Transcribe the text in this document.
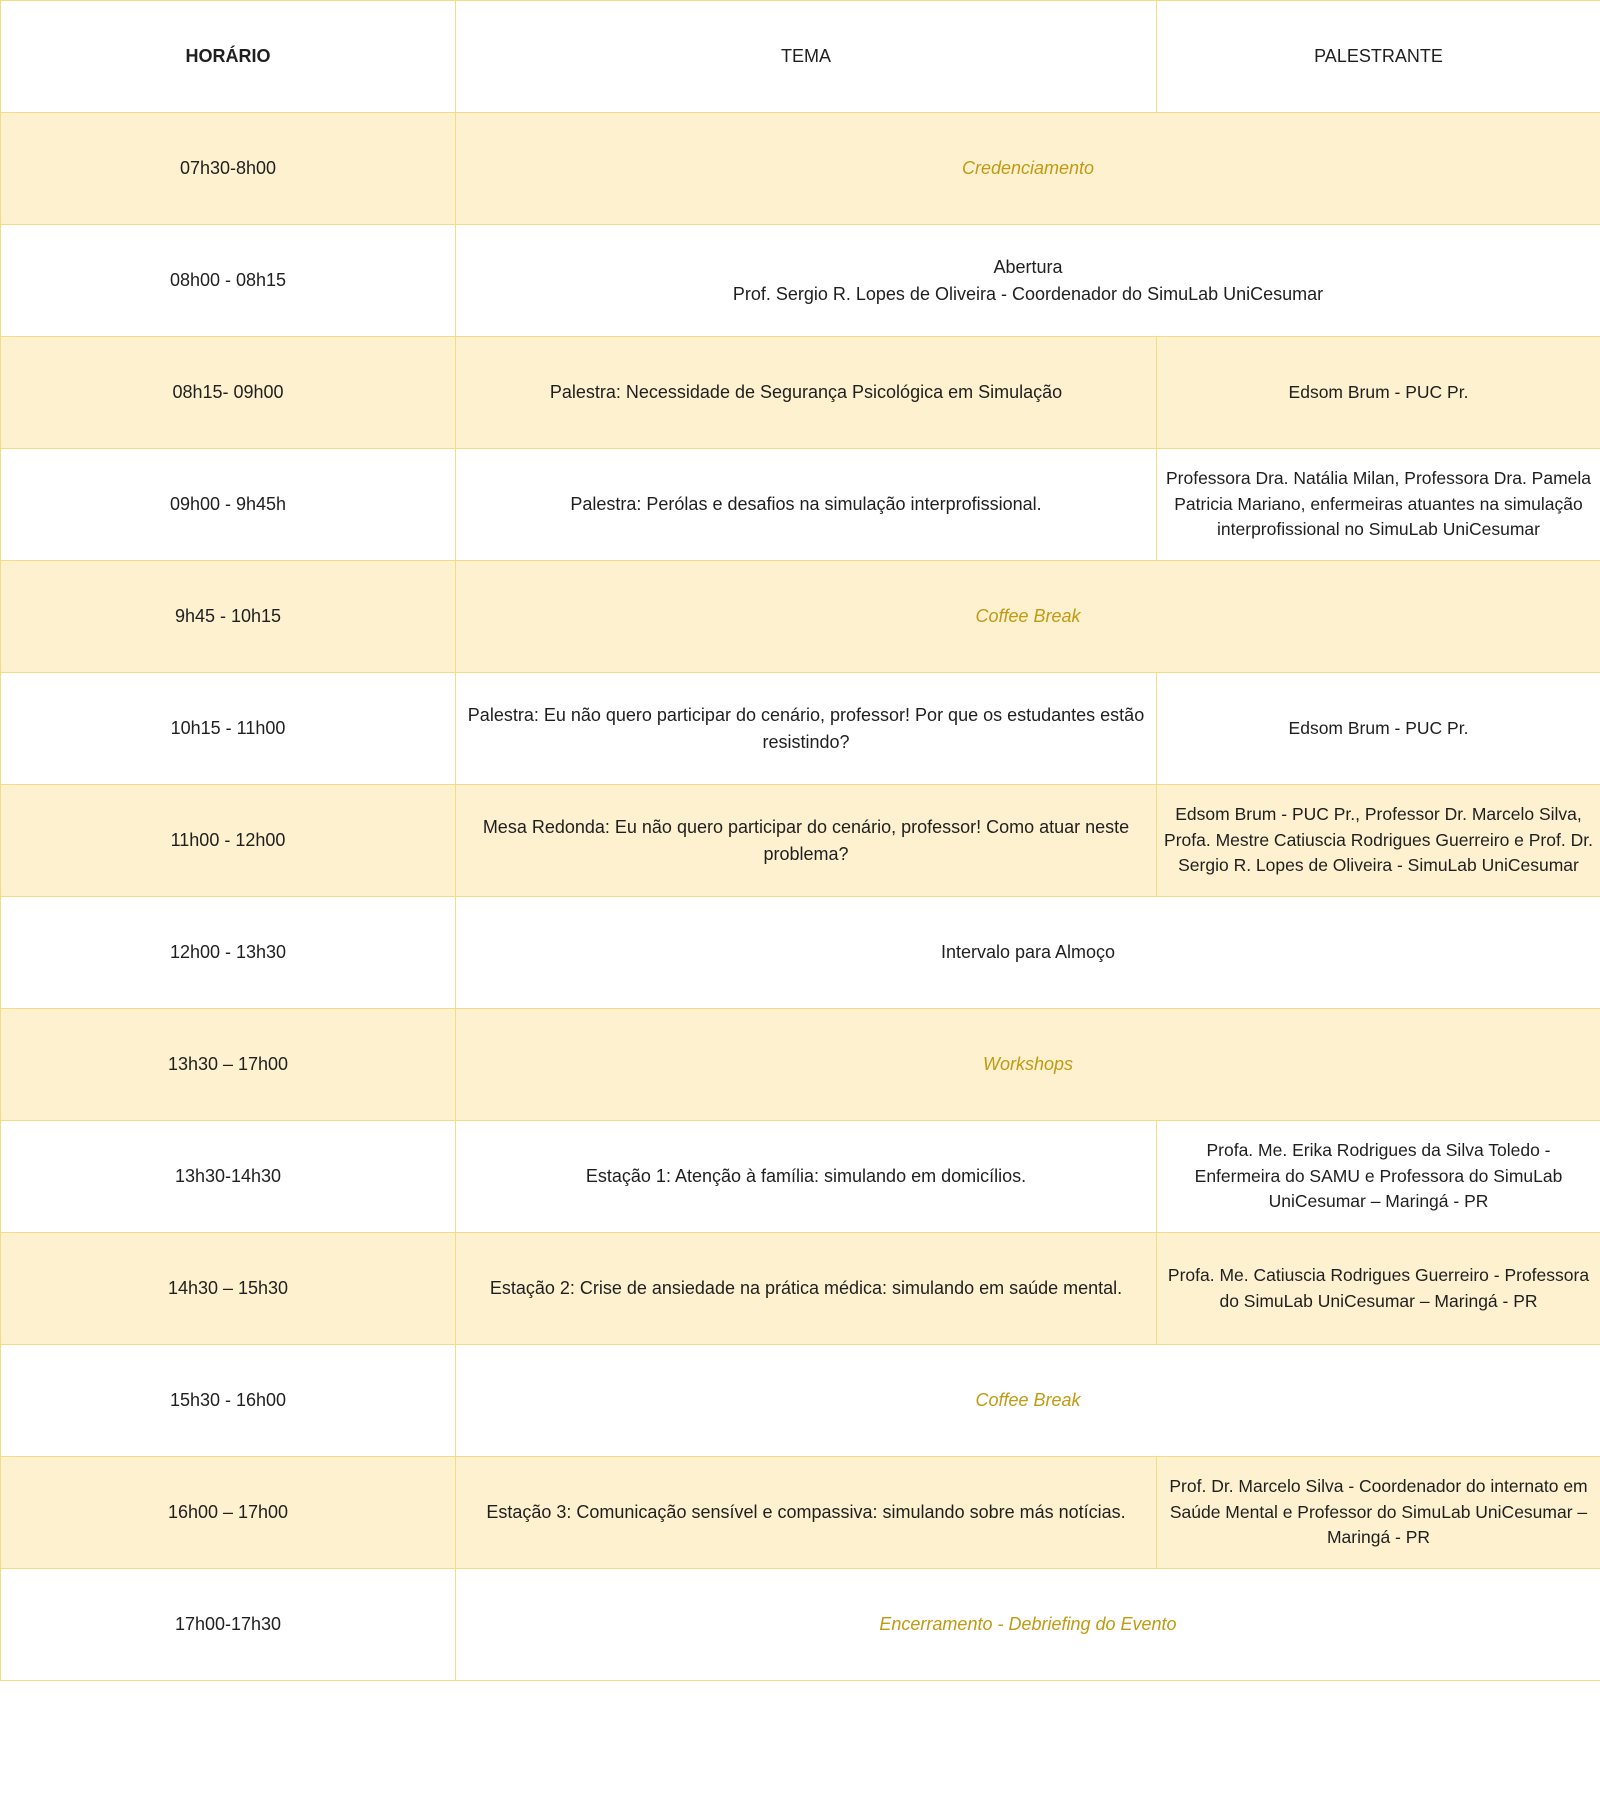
HORÁRIO	TEMA	PALESTRANTE
07h30-8h00	Credenciamento	
08h00 - 08h15	Abertura
Prof. Sergio R. Lopes de Oliveira - Coordenador do SimuLab UniCesumar	

08h15- 09h00	Palestra: Necessidade de Segurança Psicológica em Simulação	Edsom Brum - PUC Pr.
09h00 - 9h45h	Palestra: Perólas e desafios na simulação interprofissional.	Professora Dra. Natália Milan, Professora Dra. Pamela Patricia Mariano, enfermeiras atuantes na simulação interprofissional no SimuLab UniCesumar
9h45 - 10h15	Coffee Break	
10h15 - 11h00	Palestra: Eu não quero participar do cenário, professor! Por que os estudantes estão resistindo?	Edsom Brum - PUC Pr.
11h00 - 12h00	Mesa Redonda: Eu não quero participar do cenário, professor! Como atuar neste problema?	Edsom Brum - PUC Pr., Professor Dr. Marcelo Silva, Profa. Mestre Catiuscia Rodrigues Guerreiro e Prof. Dr. Sergio R. Lopes de Oliveira - SimuLab UniCesumar
12h00 - 13h30	Intervalo para Almoço	
13h30 – 17h00	Workshops	
13h30-14h30	Estação 1: Atenção à família: simulando em domicílios.	Profa. Me. Erika Rodrigues da Silva Toledo - Enfermeira do SAMU e Professora do SimuLab UniCesumar – Maringá - PR
14h30 – 15h30	Estação 2: Crise de ansiedade na prática médica: simulando em saúde mental.	Profa. Me. Catiuscia Rodrigues Guerreiro - Professora do SimuLab UniCesumar – Maringá - PR
15h30 - 16h00	Coffee Break	
16h00 – 17h00	Estação 3: Comunicação sensível e compassiva: simulando sobre más notícias.	Prof. Dr. Marcelo Silva - Coordenador do internato em Saúde Mental e Professor do SimuLab UniCesumar – Maringá - PR
17h00-17h30	Encerramento - Debriefing do Evento	
